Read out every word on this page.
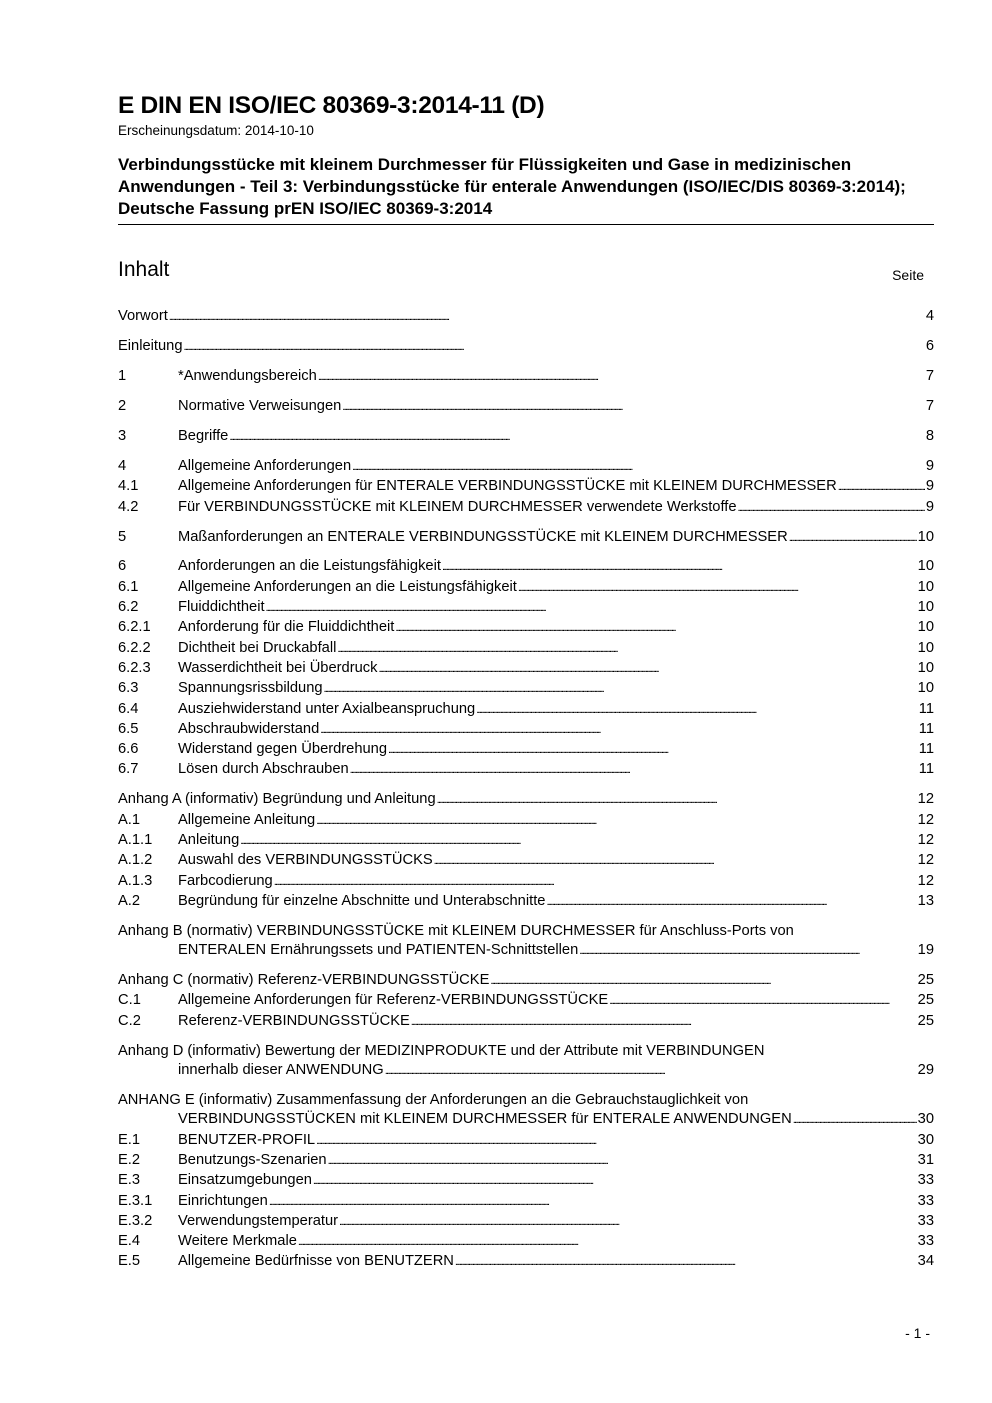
E DIN EN ISO/IEC 80369-3:2014-11 (D)

Erscheinungsdatum: 2014-10-10

Verbindungsstücke mit kleinem Durchmesser für Flüssigkeiten und Gase in medizinischen Anwendungen - Teil 3: Verbindungsstücke für enterale Anwendungen (ISO/IEC/DIS 80369-3:2014); Deutsche Fassung prEN ISO/IEC 80369-3:2014

Inhalt	Seite
Vorwort . . .	4
Einleitung . . .	6
1	*Anwendungsbereich . . .	7
2	Normative Verweisungen . . .	7
3	Begriffe . . .	8
4	Allgemeine Anforderungen . . .	9
4.1	Allgemeine Anforderungen für ENTERALE VERBINDUNGSSTÜCKE mit KLEINEM DURCHMESSER . . .	9
4.2	Für VERBINDUNGSSTÜCKE mit KLEINEM DURCHMESSER verwendete Werkstoffe . . .	9
5	Maßanforderungen an ENTERALE VERBINDUNGSSTÜCKE mit KLEINEM DURCHMESSER . . .	10
6	Anforderungen an die Leistungsfähigkeit . . .	10
6.1	Allgemeine Anforderungen an die Leistungsfähigkeit . . .	10
6.2	Fluiddichtheit . . .	10
6.2.1	Anforderung für die Fluiddichtheit . . .	10
6.2.2	Dichtheit bei Druckabfall . . .	10
6.2.3	Wasserdichtheit bei Überdruck . . .	10
6.3	Spannungsrissbildung . . .	10
6.4	Ausziehwiderstand unter Axialbeanspruchung . . .	11
6.5	Abschraubwiderstand . . .	11
6.6	Widerstand gegen Überdrehung . . .	11
6.7	Lösen durch Abschrauben . . .	11
Anhang A (informativ) Begründung und Anleitung . . .	12
A.1	Allgemeine Anleitung . . .	12
A.1.1	Anleitung . . .	12
A.1.2	Auswahl des VERBINDUNGSSTÜCKS . . .	12
A.1.3	Farbcodierung . . .	12
A.2	Begründung für einzelne Abschnitte und Unterabschnitte . . .	13
Anhang B (normativ) VERBINDUNGSSTÜCKE mit KLEINEM DURCHMESSER für Anschluss-Ports von
ENTERALEN Ernährungssets und PATIENTEN-Schnittstellen . . .	19
Anhang C (normativ) Referenz-VERBINDUNGSSTÜCKE . . .	25
C.1	Allgemeine Anforderungen für Referenz-VERBINDUNGSSTÜCKE . . .	25
C.2	Referenz-VERBINDUNGSSTÜCKE . . .	25
Anhang D (informativ) Bewertung der MEDIZINPRODUKTE und der Attribute mit VERBINDUNGEN
innerhalb dieser ANWENDUNG . . .	29
ANHANG E (informativ) Zusammenfassung der Anforderungen an die Gebrauchstauglichkeit von
VERBINDUNGSSTÜCKEN mit KLEINEM DURCHMESSER für ENTERALE ANWENDUNGEN . . .	30
E.1	BENUTZER-PROFIL . . .	30
E.2	Benutzungs-Szenarien . . .	31
E.3	Einsatzumgebungen . . .	33
E.3.1	Einrichtungen . . .	33
E.3.2	Verwendungstemperatur . . .	33
E.4	Weitere Merkmale . . .	33
E.5	Allgemeine Bedürfnisse von BENUTZERN . . .	34
- 1 -
